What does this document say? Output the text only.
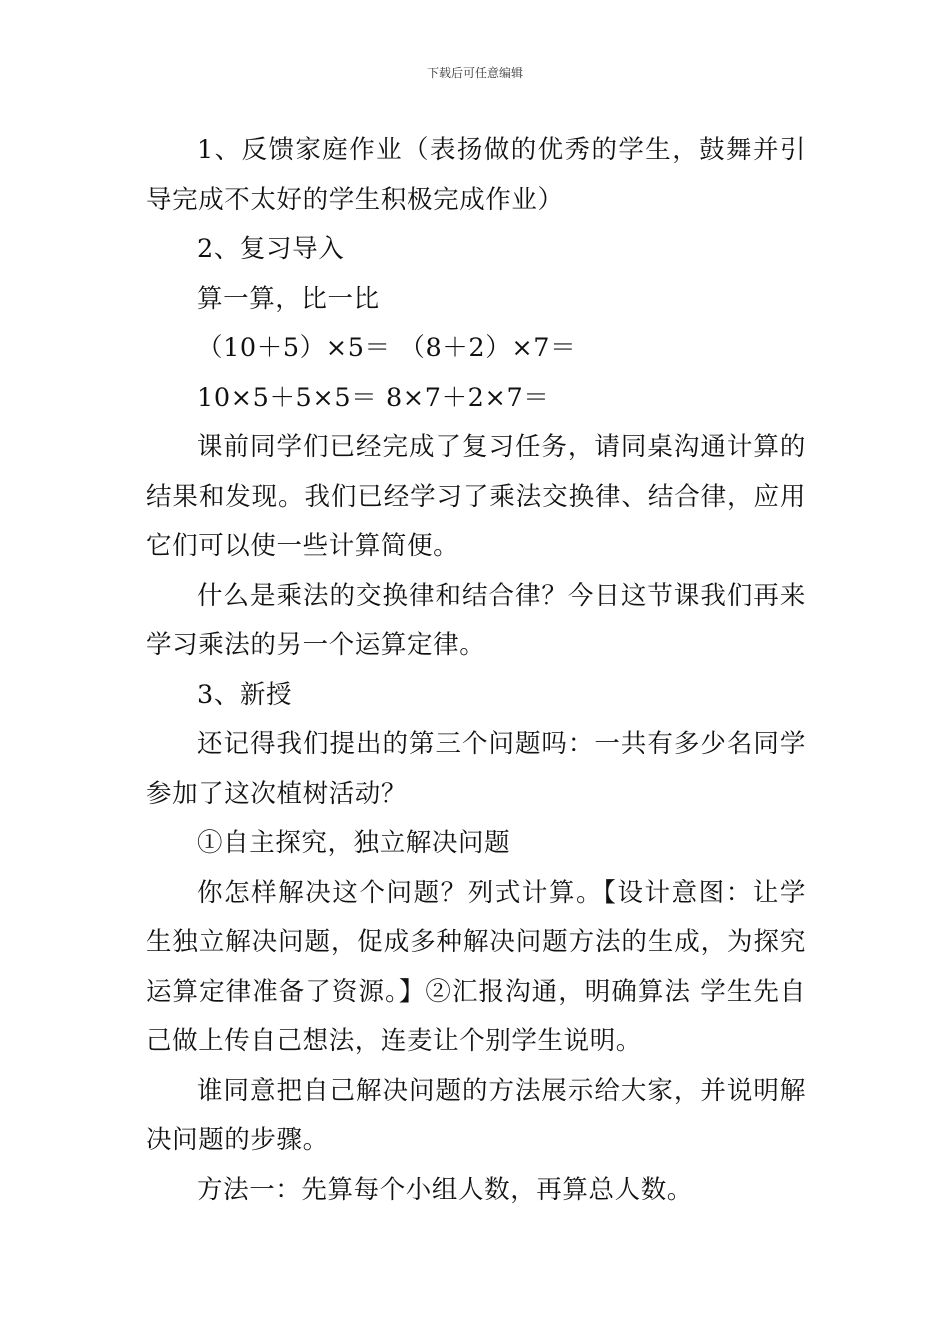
下载后可任意编辑

1、反馈家庭作业（表扬做的优秀的学生，鼓舞并引导完成不太好的学生积极完成作业）

2、复习导入

算一算，比一比

（10＋5）×5＝ （8＋2）×7＝

10×5＋5×5＝ 8×7＋2×7＝

课前同学们已经完成了复习任务，请同桌沟通计算的结果和发现。我们已经学习了乘法交换律、结合律，应用它们可以使一些计算简便。

什么是乘法的交换律和结合律？今日这节课我们再来学习乘法的另一个运算定律。

3、新授

还记得我们提出的第三个问题吗：一共有多少名同学参加了这次植树活动？

①自主探究，独立解决问题

你怎样解决这个问题？列式计算。【设计意图：让学生独立解决问题，促成多种解决问题方法的生成，为探究运算定律准备了资源。】②汇报沟通，明确算法 学生先自己做上传自己想法，连麦让个别学生说明。

谁同意把自己解决问题的方法展示给大家，并说明解决问题的步骤。

方法一：先算每个小组人数，再算总人数。
